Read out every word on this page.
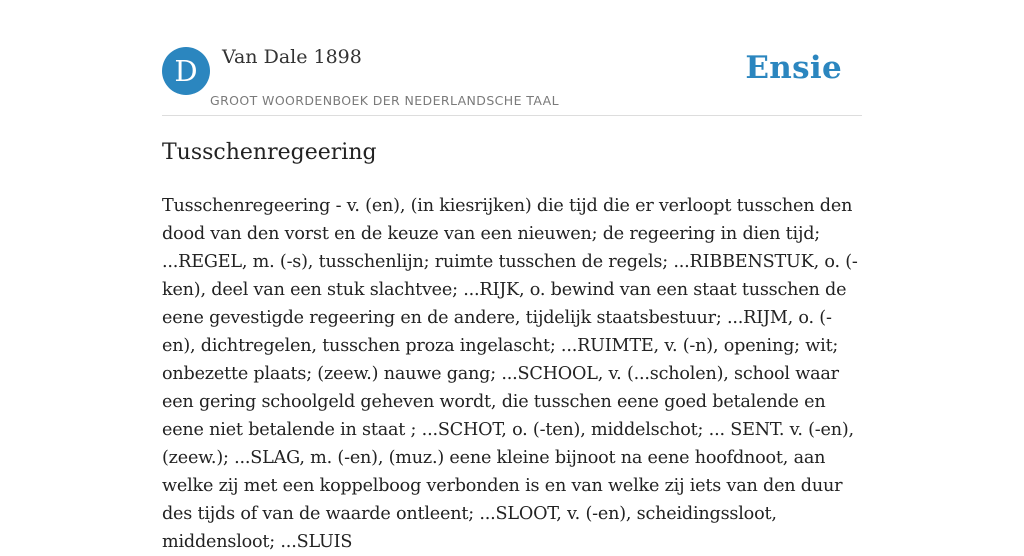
D	Van Dale 1898
GROOT WOORDENBOEK DER NEDERLANDSCHE TAAL
Ensie
Tusschenregeering

Tusschenregeering - v. (en), (in kiesrijken) die tijd die er verloopt tusschen den dood van den vorst en de keuze van een nieuwen; de regeering in dien tijd; ...REGEL, m. (-s), tusschenlijn; ruimte tusschen de regels; ...RIBBENSTUK, o. (-ken), deel van een stuk slachtvee; ...RIJK, o. bewind van een staat tusschen de eene gevestigde regeering en de andere, tijdelijk staatsbestuur; ...RIJM, o. (-en), dichtregelen, tusschen proza ingelascht; ...RUIMTE, v. (-n), opening; wit; onbezette plaats; (zeew.) nauwe gang; ...SCHOOL, v. (...scholen), school waar een gering schoolgeld geheven wordt, die tusschen eene goed betalende en eene niet betalende in staat ; ...SCHOT, o. (-ten), middelschot; ... SENT. v. (-en), (zeew.); ...SLAG, m. (-en), (muz.) eene kleine bijnoot na eene hoofdnoot, aan welke zij met een koppelboog verbonden is en van welke zij iets van den duur des tijds of van de waarde ontleent; ...SLOOT, v. (-en), scheidingssloot, middensloot; ...SLUIS
